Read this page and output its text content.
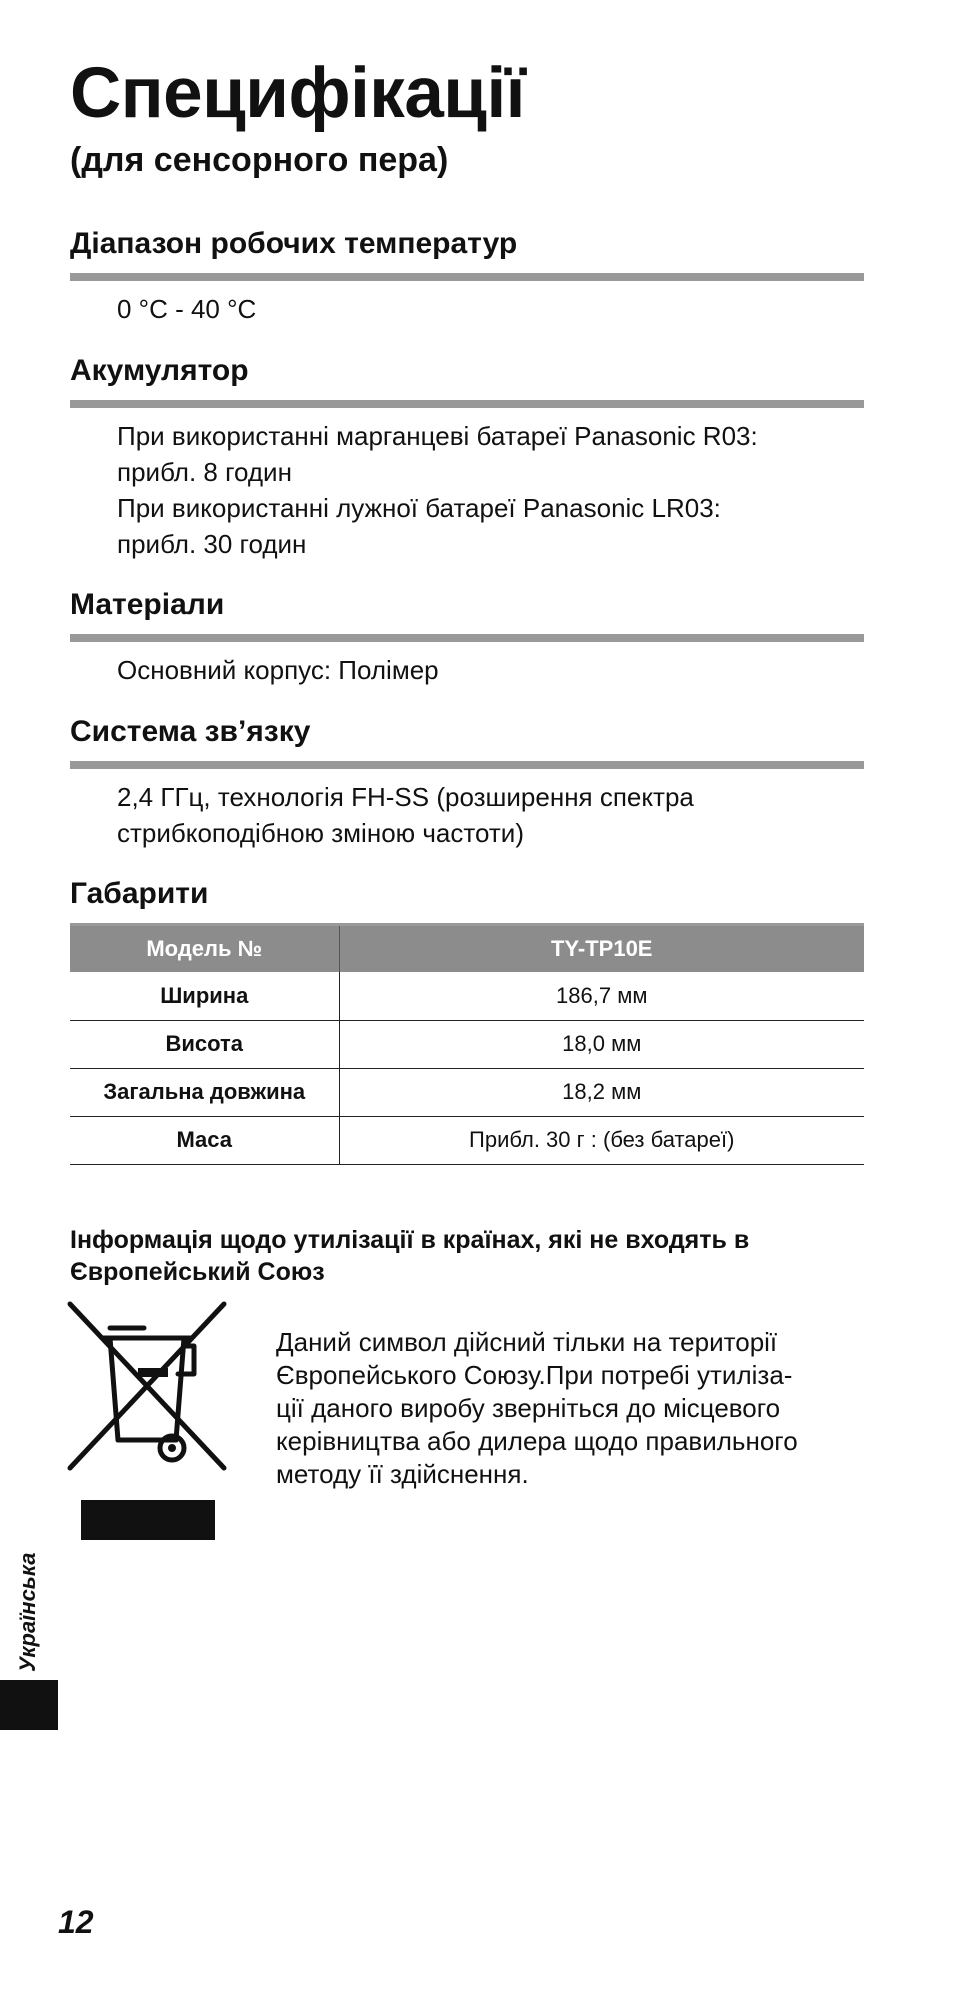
Специфікації
(для сенсорного пера)
Діапазон робочих температур
0 °C - 40 °C
Акумулятор
При використанні марганцеві батареї Panasonic R03:
прибл. 8 годин
При використанні лужної батареї Panasonic LR03:
прибл. 30 годин
Матеріали
Основний корпус: Полімер
Система зв’язку
2,4 ГГц, технологія FH-SS (розширення спектра
стрибкоподібною зміною частоти)
Габарити
Модель №	TY-TP10E
Ширина	186,7 мм
Висота	18,0 мм
Загальна довжина	18,2 мм
Маса	Прибл. 30 г : (без батареї)
Інформація щодо утилізації в країнах, які не входять в
Європейський Союз
Даний символ дійсний тільки на території
Європейського Союзу.При потребі утиліза-
ції даного виробу зверніться до місцевого
керівництва або дилера щодо правильного
методу її здійснення.
Українська
12
